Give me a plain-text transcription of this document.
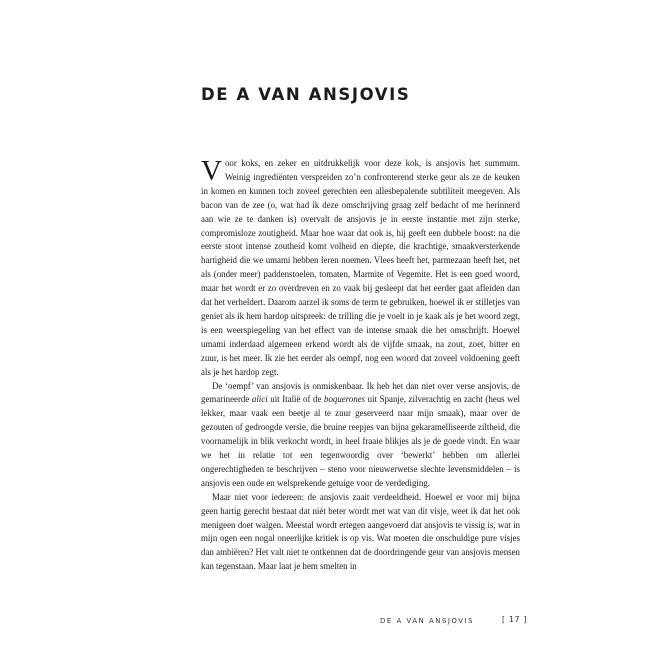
DE A VAN ANSJOVIS

Voor koks, en zeker en uitdrukkelijk voor deze kok, is ansjovis het summum. Weinig ingrediënten verspreiden zo’n confronterend sterke geur als ze de keuken in komen en kunnen toch zoveel gerechten een allesbepalende subtiliteit meegeven. Als bacon van de zee (o, wat had ik deze omschrijving graag zelf bedacht of me herinnerd aan wie ze te danken is) overvalt de ansjovis je in eerste instantie met zijn sterke, compromisloze zoutigheid. Maar hoe waar dat ook is, hij geeft een dubbele boost: na die eerste stoot intense zoutheid komt volheid en diepte, die krachtige, smaakversterkende hartigheid die we umami hebben leren noemen. Vlees heeft het, parmezaan heeft het, net als (onder meer) paddenstoelen, tomaten, Marmite of Vegemite. Het is een goed woord, maar het wordt er zo overdreven en zo vaak bij gesleept dat het eerder gaat afleiden dan dat het verheldert. Daarom aarzel ik soms de term te gebruiken, hoewel ik er stilletjes van geniet als ik hem hardop uitspreek: de trilling die je voelt in je kaak als je het woord zegt, is een weerspiegeling van het effect van de intense smaak die het omschrijft. Hoewel umami inderdaad algemeen erkend wordt als de vijfde smaak, na zout, zoet, bitter en zuur, is het meer. Ik zie het eerder als oempf, nog een woord dat zoveel voldoening geeft als je het hardop zegt.

De ‘oempf’ van ansjovis is onmiskenbaar. Ik heb het dan niet over verse ansjovis, de gemarineerde alici uit Italië of de boquerones uit Spanje, zilverachtig en zacht (heus wel lekker, maar vaak een beetje al te zuur geserveerd naar mijn smaak), maar over de gezouten of gedroogde versie, die bruine reepjes van bijna gekaramelliseerde ziltheid, die voornamelijk in blik verkocht wordt, in heel fraaie blikjes als je de goede vindt. En waar we het in relatie tot een tegenwoordig over ‘bewerkt’ hebben om allerlei ongerechtigheden te beschrijven – steno voor nieuwerwetse slechte levensmiddelen – is ansjovis een oude en welsprekende getuige voor de verdediging.

Maar niet voor iedereen: de ansjovis zaait verdeeldheid. Hoewel er voor mij bijna geen hartig gerecht bestaat dat niét beter wordt met wat van dit visje, weet ik dat het ook menigeen doet walgen. Meestal wordt ertegen aangevoerd dat ansjovis te vissig is, wat in mijn ogen een nogal oneerlijke kritiek is op vis. Wat moeten die onschuldige pure visjes dan ambiëren? Het valt niet te ontkennen dat de doordringende geur van ansjovis mensen kan tegenstaan. Maar laat je hem smelten in

DE A VAN ANSJOVIS	[ 17 ]
